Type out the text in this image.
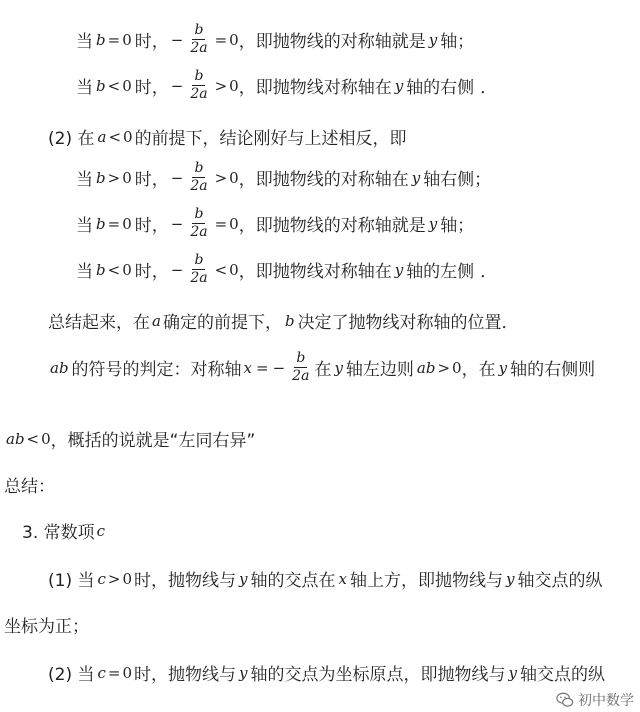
当 b = 0 时， − $\frac{b}{2a} = 0$ ， 即抛物线的对称轴就是 y 轴；
当 b < 0 时， − $\frac{b}{2a} > 0$ ， 即抛物线对称轴在 y 轴的右侧 ．
(2) 在 a < 0 的前提下，结论刚好与上述相反，即
当 b > 0 时， − $\frac{b}{2a} > 0$ ， 即抛物线的对称轴在 y 轴右侧；
当 b = 0 时， − $\frac{b}{2a} = 0$ ， 即抛物线的对称轴就是 y 轴；
当 b < 0 时， − $\frac{b}{2a} < 0$ ， 即抛物线对称轴在 y 轴的左侧 ．
总结起来，在 a 确定的前提下， b 决定了抛物线对称轴的位置．
ab 的符号的判定：对称轴 x = − $\frac{b}{2a}$ 在 y 轴左边则 ab > 0 ，在 y 轴的右侧则
ab < 0 ，概括的说就是“左同右异”
总结：
3. 常数项 c
(1) 当 c > 0 时，抛物线与 y 轴的交点在 x 轴上方，即抛物线与 y 轴交点的纵
坐标为正；
(2) 当 c = 0 时，抛物线与 y 轴的交点为坐标原点，即抛物线与 y 轴交点的纵
初中数学
